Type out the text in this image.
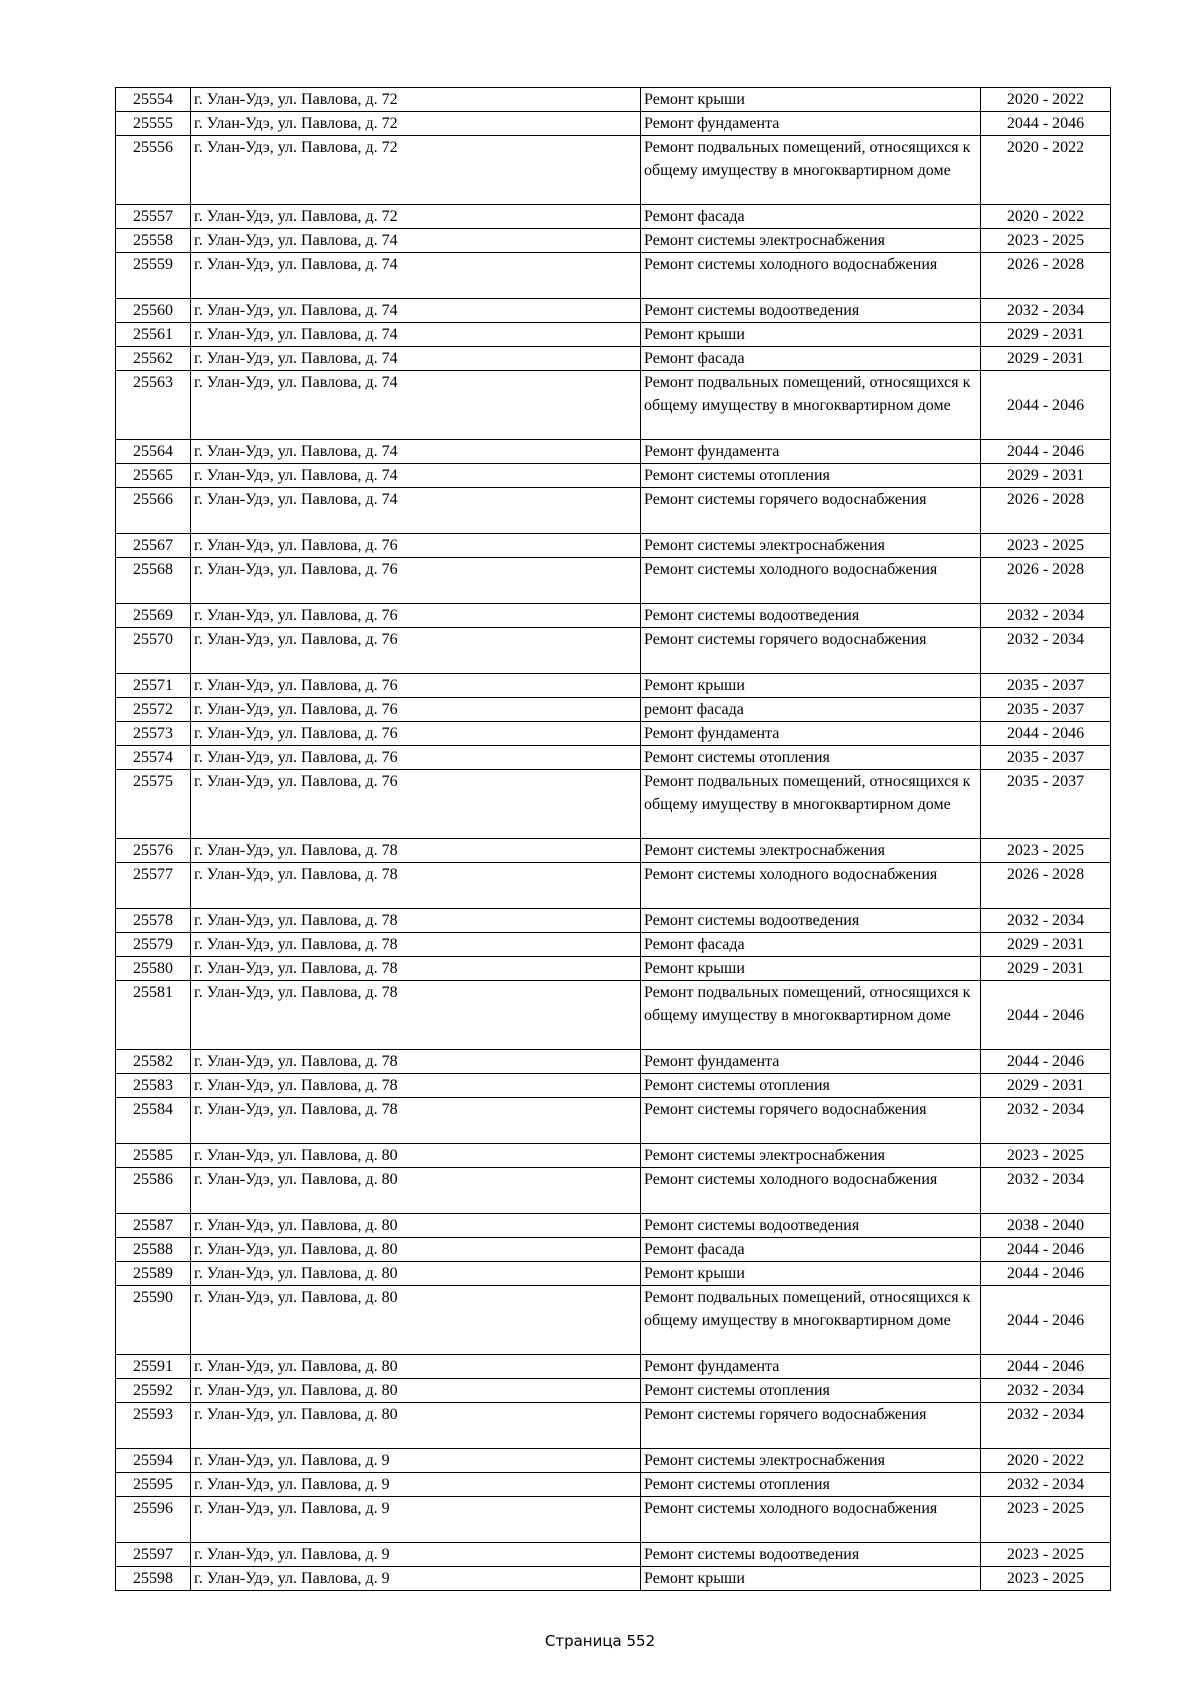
25554	г. Улан-Удэ, ул. Павлова, д. 72	Ремонт крыши	2020 - 2022
25555	г. Улан-Удэ, ул. Павлова, д. 72	Ремонт фундамента	2044 - 2046
25556	г. Улан-Удэ, ул. Павлова, д. 72	Ремонт подвальных помещений, относящихся к общему имуществу в многоквартирном доме	2020 - 2022
25557	г. Улан-Удэ, ул. Павлова, д. 72	Ремонт фасада	2020 - 2022
25558	г. Улан-Удэ, ул. Павлова, д. 74	Ремонт системы электроснабжения	2023 - 2025
25559	г. Улан-Удэ, ул. Павлова, д. 74	Ремонт системы холодного водоснабжения	2026 - 2028
25560	г. Улан-Удэ, ул. Павлова, д. 74	Ремонт системы водоотведения	2032 - 2034
25561	г. Улан-Удэ, ул. Павлова, д. 74	Ремонт крыши	2029 - 2031
25562	г. Улан-Удэ, ул. Павлова, д. 74	Ремонт фасада	2029 - 2031
25563	г. Улан-Удэ, ул. Павлова, д. 74	Ремонт подвальных помещений, относящихся к общему имуществу в многоквартирном доме	2044 - 2046
25564	г. Улан-Удэ, ул. Павлова, д. 74	Ремонт фундамента	2044 - 2046
25565	г. Улан-Удэ, ул. Павлова, д. 74	Ремонт системы отопления	2029 - 2031
25566	г. Улан-Удэ, ул. Павлова, д. 74	Ремонт системы горячего водоснабжения	2026 - 2028
25567	г. Улан-Удэ, ул. Павлова, д. 76	Ремонт системы электроснабжения	2023 - 2025
25568	г. Улан-Удэ, ул. Павлова, д. 76	Ремонт системы холодного водоснабжения	2026 - 2028
25569	г. Улан-Удэ, ул. Павлова, д. 76	Ремонт системы водоотведения	2032 - 2034
25570	г. Улан-Удэ, ул. Павлова, д. 76	Ремонт системы горячего водоснабжения	2032 - 2034
25571	г. Улан-Удэ, ул. Павлова, д. 76	Ремонт крыши	2035 - 2037
25572	г. Улан-Удэ, ул. Павлова, д. 76	ремонт фасада	2035 - 2037
25573	г. Улан-Удэ, ул. Павлова, д. 76	Ремонт фундамента	2044 - 2046
25574	г. Улан-Удэ, ул. Павлова, д. 76	Ремонт системы отопления	2035 - 2037
25575	г. Улан-Удэ, ул. Павлова, д. 76	Ремонт подвальных помещений, относящихся к общему имуществу в многоквартирном доме	2035 - 2037
25576	г. Улан-Удэ, ул. Павлова, д. 78	Ремонт системы электроснабжения	2023 - 2025
25577	г. Улан-Удэ, ул. Павлова, д. 78	Ремонт системы холодного водоснабжения	2026 - 2028
25578	г. Улан-Удэ, ул. Павлова, д. 78	Ремонт системы водоотведения	2032 - 2034
25579	г. Улан-Удэ, ул. Павлова, д. 78	Ремонт фасада	2029 - 2031
25580	г. Улан-Удэ, ул. Павлова, д. 78	Ремонт крыши	2029 - 2031
25581	г. Улан-Удэ, ул. Павлова, д. 78	Ремонт подвальных помещений, относящихся к общему имуществу в многоквартирном доме	2044 - 2046
25582	г. Улан-Удэ, ул. Павлова, д. 78	Ремонт фундамента	2044 - 2046
25583	г. Улан-Удэ, ул. Павлова, д. 78	Ремонт системы отопления	2029 - 2031
25584	г. Улан-Удэ, ул. Павлова, д. 78	Ремонт системы горячего водоснабжения	2032 - 2034
25585	г. Улан-Удэ, ул. Павлова, д. 80	Ремонт системы электроснабжения	2023 - 2025
25586	г. Улан-Удэ, ул. Павлова, д. 80	Ремонт системы холодного водоснабжения	2032 - 2034
25587	г. Улан-Удэ, ул. Павлова, д. 80	Ремонт системы водоотведения	2038 - 2040
25588	г. Улан-Удэ, ул. Павлова, д. 80	Ремонт фасада	2044 - 2046
25589	г. Улан-Удэ, ул. Павлова, д. 80	Ремонт крыши	2044 - 2046
25590	г. Улан-Удэ, ул. Павлова, д. 80	Ремонт подвальных помещений, относящихся к общему имуществу в многоквартирном доме	2044 - 2046
25591	г. Улан-Удэ, ул. Павлова, д. 80	Ремонт фундамента	2044 - 2046
25592	г. Улан-Удэ, ул. Павлова, д. 80	Ремонт системы отопления	2032 - 2034
25593	г. Улан-Удэ, ул. Павлова, д. 80	Ремонт системы горячего водоснабжения	2032 - 2034
25594	г. Улан-Удэ, ул. Павлова, д. 9	Ремонт системы электроснабжения	2020 - 2022
25595	г. Улан-Удэ, ул. Павлова, д. 9	Ремонт системы отопления	2032 - 2034
25596	г. Улан-Удэ, ул. Павлова, д. 9	Ремонт системы холодного водоснабжения	2023 - 2025
25597	г. Улан-Удэ, ул. Павлова, д. 9	Ремонт системы водоотведения	2023 - 2025
25598	г. Улан-Удэ, ул. Павлова, д. 9	Ремонт крыши	2023 - 2025
Страница 552
